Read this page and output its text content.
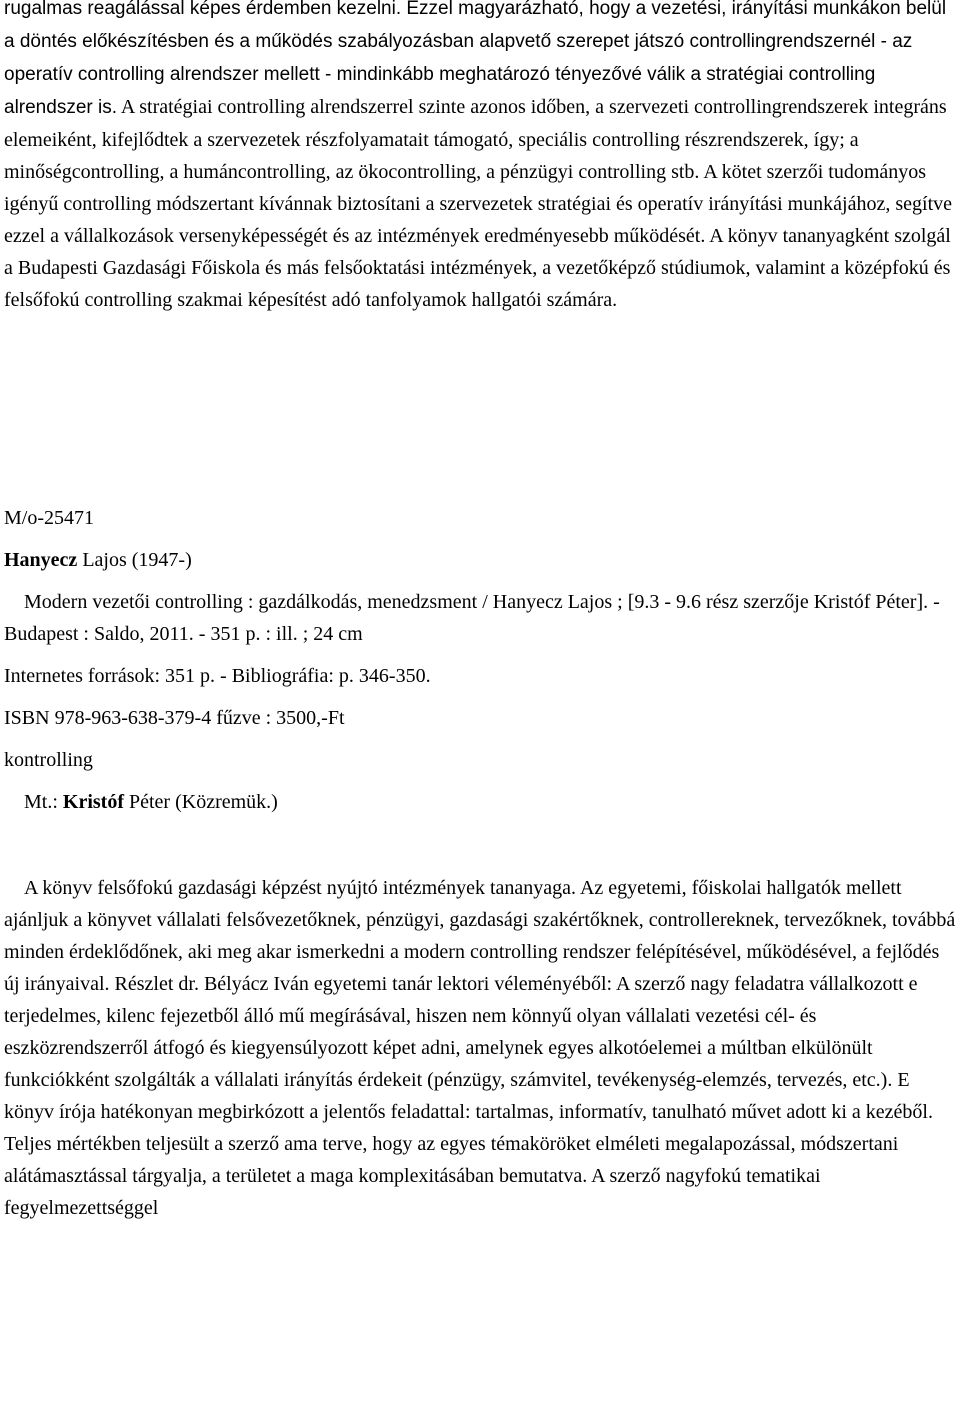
rugalmas reagálással képes érdemben kezelni. Ezzel magyarázható, hogy a vezetési, irányítási munkákon belül a döntés előkészítésben és a működés szabályozásban alapvető szerepet játszó controllingrendszernél - az operatív controlling alrendszer mellett - mindinkább meghatározó tényezővé válik a stratégiai controlling alrendszer is. A stratégiai controlling alrendszerrel szinte azonos időben, a szervezeti controllingrendszerek integráns elemeiként, kifejlődtek a szervezetek részfolyamatait támogató, speciális controlling részrendszerek, így; a minőségcontrolling, a humáncontrolling, az ökocontrolling, a pénzügyi controlling stb. A kötet szerzői tudományos igényű controlling módszertant kívánnak biztosítani a szervezetek stratégiai és operatív irányítási munkájához, segítve ezzel a vállalkozások versenyképességét és az intézmények eredményesebb működését. A könyv tananyagként szolgál a Budapesti Gazdasági Főiskola és más felsőoktatási intézmények, a vezetőképző stúdiumok, valamint a középfokú és felsőfokú controlling szakmai képesítést adó tanfolyamok hallgatói számára.
M/o-25471
Hanyecz Lajos (1947-)
Modern vezetői controlling : gazdálkodás, menedzsment / Hanyecz Lajos ; [9.3 - 9.6 rész szerzője Kristóf Péter]. - Budapest : Saldo, 2011. - 351 p. : ill. ; 24 cm
Internetes források: 351 p. - Bibliográfia: p. 346-350.
ISBN 978-963-638-379-4 fűzve : 3500,-Ft
kontrolling
Mt.: Kristóf Péter (Közremük.)
A könyv felsőfokú gazdasági képzést nyújtó intézmények tananyaga. Az egyetemi, főiskolai hallgatók mellett ajánljuk a könyvet vállalati felsővezetőknek, pénzügyi, gazdasági szakértőknek, controllereknek, tervezőknek, továbbá minden érdeklődőnek, aki meg akar ismerkedni a modern controlling rendszer felépítésével, működésével, a fejlődés új irányaival. Részlet dr. Bélyácz Iván egyetemi tanár lektori véleményéből: A szerző nagy feladatra vállalkozott e terjedelmes, kilenc fejezetből álló mű megírásával, hiszen nem könnyű olyan vállalati vezetési cél- és eszközrendszerről átfogó és kiegyensúlyozott képet adni, amelynek egyes alkotóelemei a múltban elkülönült funkciókként szolgálták a vállalati irányítás érdekeit (pénzügy, számvitel, tevékenység-elemzés, tervezés, etc.). E könyv írója hatékonyan megbirkózott a jelentős feladattal: tartalmas, informatív, tanulható művet adott ki a kezéből. Teljes mértékben teljesült a szerző ama terve, hogy az egyes témaköröket elméleti megalapozással, módszertani alátámasztással tárgyalja, a területet a maga komplexitásában bemutatva. A szerző nagyfokú tematikai fegyelmezettséggel
